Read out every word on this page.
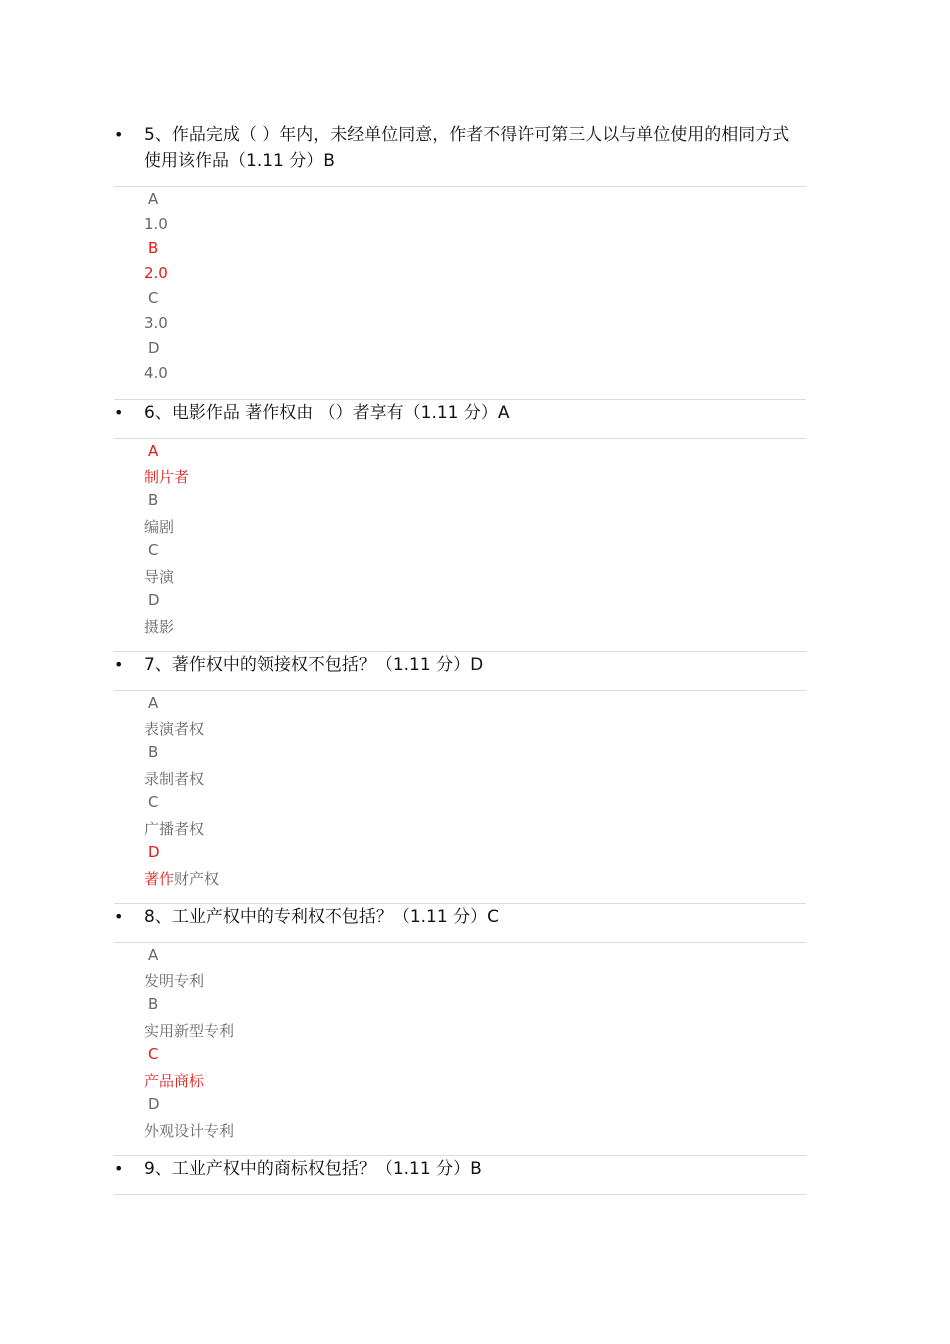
• 5、作品完成（ ）年内，未经单位同意，作者不得许可第三人以与单位使用的相同方式使用该作品（1.11 分）B
A
1.0
B
2.0
C
3.0
D
4.0
• 6、电影作品 著作权由 （）者享有（1.11 分）A
A
制片者
B
编剧
C
导演
D
摄影
• 7、著作权中的领接权不包括？（1.11 分）D
A
表演者权
B
录制者权
C
广播者权
D
著作财产权
• 8、工业产权中的专利权不包括？（1.11 分）C
A
发明专利
B
实用新型专利
C
产品商标
D
外观设计专利
• 9、工业产权中的商标权包括？（1.11 分）B
